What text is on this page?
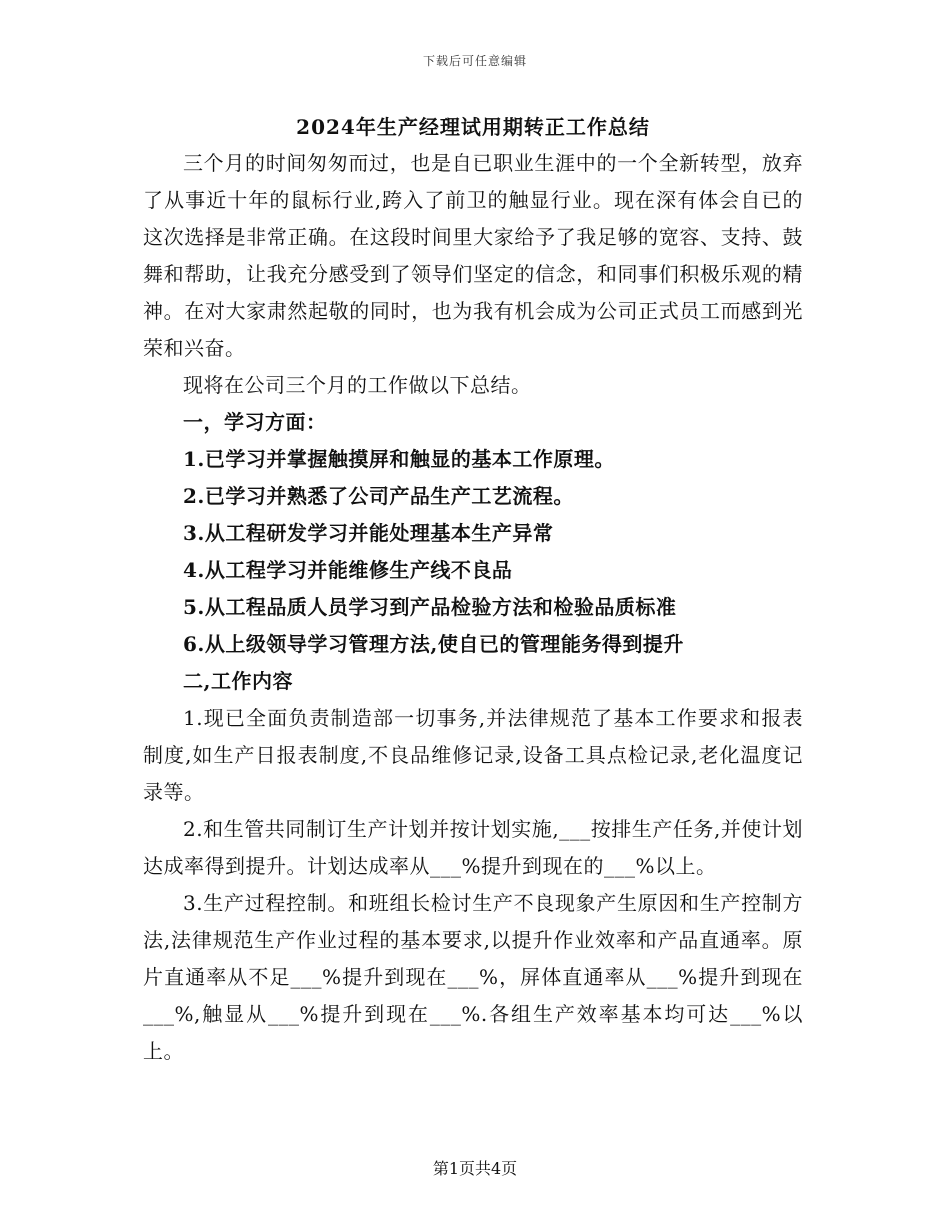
下载后可任意编辑
2024年生产经理试用期转正工作总结

三个月的时间匆匆而过，也是自已职业生涯中的一个全新转型，放弃了从事近十年的鼠标行业,跨入了前卫的触显行业。现在深有体会自已的这次选择是非常正确。在这段时间里大家给予了我足够的宽容、支持、鼓舞和帮助，让我充分感受到了领导们坚定的信念，和同事们积极乐观的精神。在对大家肃然起敬的同时，也为我有机会成为公司正式员工而感到光荣和兴奋。

现将在公司三个月的工作做以下总结。

一，学习方面：

1.已学习并掌握触摸屏和触显的基本工作原理。

2.已学习并熟悉了公司产品生产工艺流程。

3.从工程研发学习并能处理基本生产异常

4.从工程学习并能维修生产线不良品

5.从工程品质人员学习到产品检验方法和检验品质标准

6.从上级领导学习管理方法,使自已的管理能务得到提升

二,工作内容

1.现已全面负责制造部一切事务,并法律规范了基本工作要求和报表制度,如生产日报表制度,不良品维修记录,设备工具点检记录,老化温度记录等。

2.和生管共同制订生产计划并按计划实施,___按排生产任务,并使计划达成率得到提升。计划达成率从___%提升到现在的___%以上。

3.生产过程控制。和班组长检讨生产不良现象产生原因和生产控制方法,法律规范生产作业过程的基本要求,以提升作业效率和产品直通率。原片直通率从不足___%提升到现在___%，屏体直通率从___%提升到现在___%,触显从___%提升到现在___%.各组生产效率基本均可达___%以上。

第1页共4页
